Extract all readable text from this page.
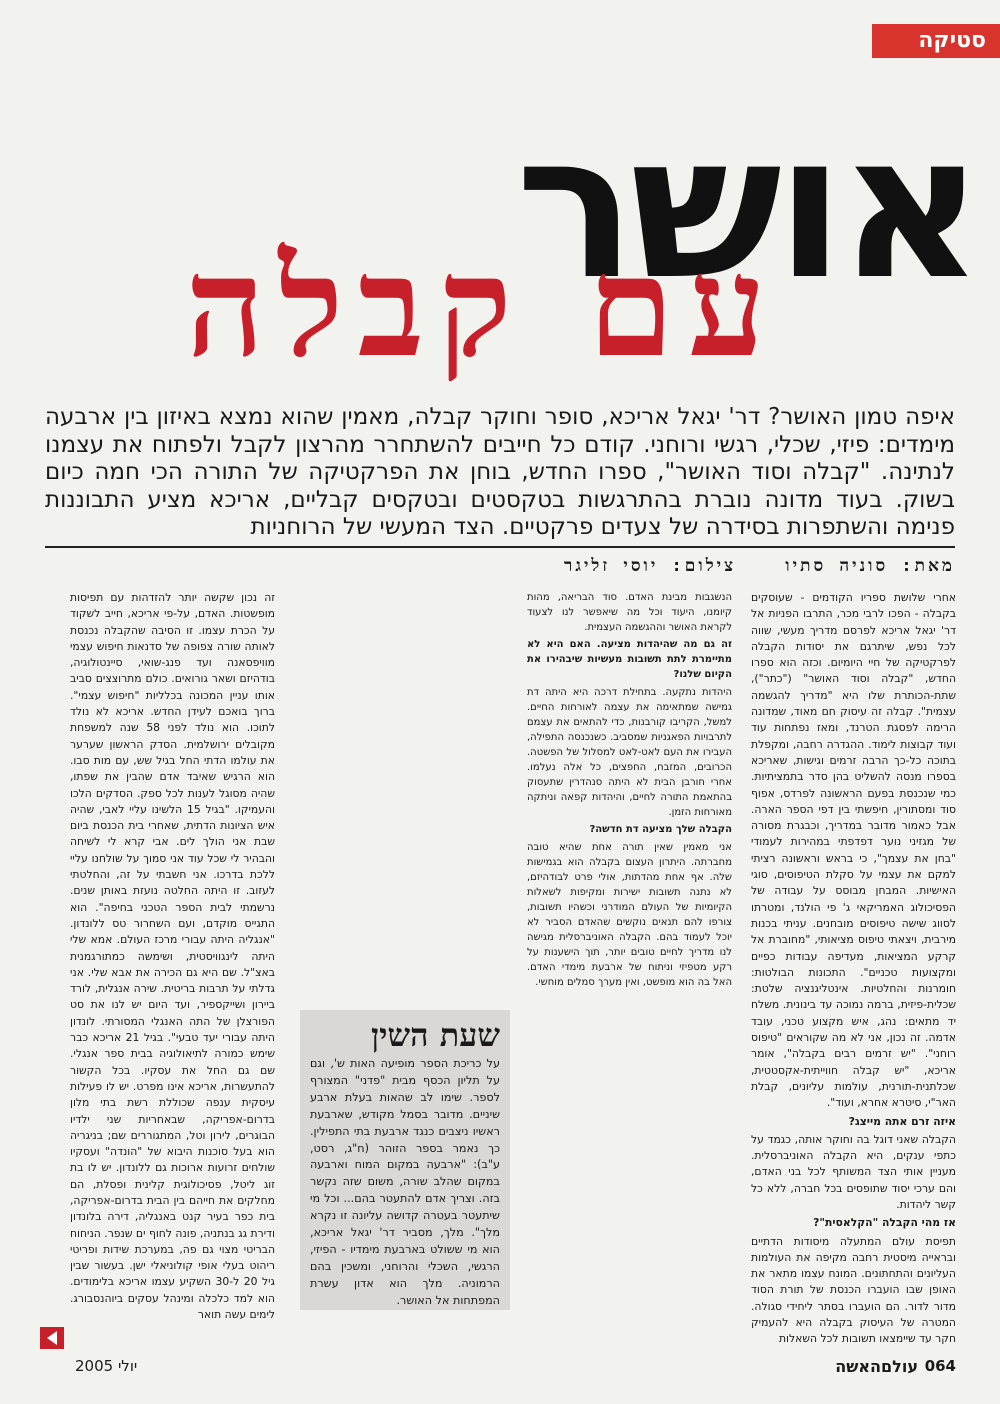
סטיקה
אושר
עם קבלה

איפה טמון האושר? דר' יגאל אריכא, סופר וחוקר קבלה, מאמין שהוא נמצא באיזון בין ארבעה מימדים: פיזי, שכלי, רגשי ורוחני. קודם כל חייבים להשתחרר מהרצון לקבל ולפתוח את עצמנו לנתינה. "קבלה וסוד האושר", ספרו החדש, בוחן את הפרקטיקה של התורה הכי חמה כיום בשוק. בעוד מדונה נוברת בהתרגשות בטקסטים ובטקסים קבליים, אריכא מציע התבוננות פנימה והשתפרות בסידרה של צעדים פרקטיים. הצד המעשי של הרוחניות

מאת: סוניה סתיו צילום: יוסי זליגר

אחרי שלושת ספריו הקודמים - שעוסקים בקבלה - הפכו לרבי מכר, התרבו הפניות אל דר' יגאל אריכא לפרסם מדריך מעשי, שווה לכל נפש, שיתרגם את יסודות הקבלה לפרקטיקה של חיי היומיום. וכזה הוא ספרו החדש, "קבלה וסוד האושר" ("כתר"), שתת-הכותרת שלו היא "מדריך להגשמה עצמית". קבלה זה עיסוק חם מאוד, שמדונה הרימה לפסגת הטרנד, ומאז נפתחות עוד ועוד קבוצות לימוד. ההגדרה רחבה, ומקפלת בתוכה כל-כך הרבה זרמים וגישות, שאריכא בספרו מנסה להשליט בהן סדר בתמציתיות. כמי שנכנסת בפעם הראשונה לפרדס, אפוף סוד ומסתורין, חיפשתי בין דפי הספר הארה. אבל כאמור מדובר במדריך, וכבגרת מסורה של מגזיני נוער דפדפתי במהירות לעמודי "בחן את עצמך", כי בראש וראשונה רציתי למקם את עצמי על סקלת הטיפוסים, סוגי האישיות. המבחן מבוסס על עבודה של הפסיכולוג האמריקאי ג' פי הולנד, ומטרתו לסווג שישה טיפוסים מובחנים. עניתי בכנות מירבית, ויצאתי טיפוס מציאותי, "מחוברת אל קרקע המציאות, מעדיפה עבודות כפיים ומקצועות טכניים". התכונות הבולטות: חומרנות והחלטיות. אינטליגנציה שלטת: שכלית-פיזית, ברמה נמוכה עד בינונית. משלח יד מתאים: נהג, איש מקצוע טכני, עובד אדמה. זה נכון, אני לא מה שקוראים "טיפוס רוחני". "יש זרמים רבים בקבלה", אומר אריכא, "יש קבלה חווייתית-אקסטטית, שכלתנית-תורנית, עולמות עליונים, קבלת האר"י, סיטרא אחרא, ועוד".

איזה זרם אתה מייצג?

הקבלה שאני דוגל בה וחוקר אותה, כגמד על כתפי ענקים, היא הקבלה האוניברסלית. מעניין אותי הצד המשותף לכל בני האדם, והם ערכי יסוד שתופסים בכל חברה, ללא כל קשר ליהדות.

אז מהי הקבלה "הקלאסית"?

תפיסת עולם המתעלה מיסודות הדתיים ובראייה מיסטית רחבה מקיפה את העולמות העליונים והתחתונים. המונח עצמו מתאר את האופן שבו הועברו הכנסת של תורת הסוד מדור לדור. הם הועברו בסתר ליחידי סגולה. המטרה של העיסוק בקבלה היא להעמיק חקר עד שיימצאו תשובות לכל השאלות

הנשגבות מבינת האדם. סוד הבריאה, מהות קיומנו, היעוד וכל מה שיאפשר לנו לצעוד לקראת האושר וההגשמה העצמית.

זה גם מה שהיהדות מציעה. האם היא לא מתיימרת לתת תשובות מעשיות שיבהירו את הקיום שלנו?

היהדות נתקעה. בתחילת דרכה היא היתה דת גמישה שמתאימה את עצמה לאורחות החיים. למשל, הקריבו קורבנות, כדי להתאים את עצמם לתרבויות הפאגניות שמסביב. כשנכנסה התפילה, העבירו את העם לאט-לאט למסלול של הפשטה. הכרובים, המזבח, החפצים, כל אלה נעלמו. אחרי חורבן הבית לא היתה סנהדרין שתעסוק בהתאמת התורה לחיים, והיהדות קפאה וניתקה מאורחות הזמן.

הקבלה שלך מציעה דת חדשה?

אני מאמין שאין תורה אחת שהיא טובה מחברתה. היתרון העצום בקבלה הוא בגמישות שלה. אף אחת מהדתות, אולי פרט לבודהיזם, לא נתנה תשובות ישירות ומקיפות לשאלות הקיומיות של העולם המודרני וכשהיו תשובות, צורפו להם תנאים נוקשים שהאדם הסביר לא יוכל לעמוד בהם. הקבלה האוניברסלית מגישה לנו מדריך לחיים טובים יותר, תוך הישענות על רקע מטפיזי וניתוח של ארבעת מימדי האדם. האל בה הוא מופשט, ואין מערך סמלים מוחשי.

זה נכון שקשה יותר להזדהות עם תפיסות מופשטות. האדם, על-פי אריכא, חייב לשקוד על הכרת עצמו. זו הסיבה שהקבלה נכנסת לאותה שורה צפופה של סדנאות חיפוש עצמי מוויפסאנה ועד פנג-שואי, סיינטולוגיה, בודהיזם ושאר גורואים. כולם מתרוצצים סביב אותו עניין המכונה בכלליות "חיפוש עצמי". ברוך בואכם לעידן החדש. אריכא לא נולד לתוכו. הוא נולד לפני 58 שנה למשפחת מקובלים ירושלמית. הסדק הראשון שערער את עולמו הדתי החל בגיל שש, עם מות סבו. הוא הרגיש שאיבד אדם שהבין את שפתו, שהיה מסוגל לענות לכל ספק. הסדקים הלכו והעמיקו. "בגיל 15 הלשינו עליי לאבי, שהיה איש הציונות הדתית, שאחרי בית הכנסת ביום שבת אני הולך לים. אבי קרא לי לשיחה והבהיר לי שכל עוד אני סמוך על שולחנו עליי ללכת בדרכו. אני חשבתי על זה, והחלטתי לעזוב. זו היתה החלטה נועזת באותן שנים. נרשמתי לבית הספר הטכני בחיפה". הוא התגייס מוקדם, ועם השחרור טס ללונדון. "אנגליה היתה עבורי מרכז העולם. אמא שלי היתה לינגוויסטית, ושימשה כמתורגמנית באצ"ל. שם היא גם הכירה את אבא שלי. אני גדלתי על תרבות בריטית. שירה אנגלית, לורד ביירון ושייקספיר, ועד היום יש לנו את סט הפורצלן של התה האנגלי המסורתי. לונדון היתה עבורי יעד טבעי". בגיל 21 אריכא כבר שימש כמורה לתיאולוגיה בבית ספר אנגלי. שם גם החל את עסקיו. בכל הקשור להתעשרות, אריכא אינו מפרט. יש לו פעילות עיסקית ענפה שכוללת רשת בתי מלון בדרום-אפריקה, שבאחריות שני ילדיו הבוגרים, לירון וטל, המתגוררים שם; בניגריה הוא בעל סוכנות היבוא של "הונדה" ועסקיו שולחים זרועות ארוכות גם ללונדון. יש לו בת זוג ליטל, פסיכולוגית קלינית ופסלת, הם מחלקים את חייהם בין הבית בדרום-אפריקה, בית כפר בעיר קנט באנגליה, דירה בלונדון ודירת גג בנתניה, פונה לחוף ים שנפר. הניחוח הבריטי מצוי גם פה, במערכת שידות ופריטי ריהוט בעלי אופי קולוניאלי ישן. בעשור שבין גיל 20 ל-30 השקיע עצמו אריכא בלימודים. הוא למד כלכלה ומינהל עסקים ביוהנסבורג. לימים עשה תואר

שעת השין

על כריכת הספר מופיעה האות ש', וגם על תליון הכסף מבית "פדני" המצורף לספר. שימו לב שהאות בעלת ארבע שיניים. מדובר בסמל מקודש, שארבעת ראשיו ניצבים כנגד ארבעת בתי התפילין. כך נאמר בספר הזוהר (ח"ג, רסט, ע"ב): "ארבעה במקום המוח וארבעה במקום שהלב שורה, משום שזה נקשר בזה. וצריך אדם להתעטר בהם... וכל מי שיתעטר בעטרה קדושה עליונה זו נקרא מלך". מלך, מסביר דר' יגאל אריכא, הוא מי ששולט בארבעת מימדיו - הפיזי, הרגשי, השכלי והרוחני, ומשכין בהם הרמוניה. מלך הוא אדון עשרת המפתחות אל האושר.

064
עולםהאשה
יולי 2005
